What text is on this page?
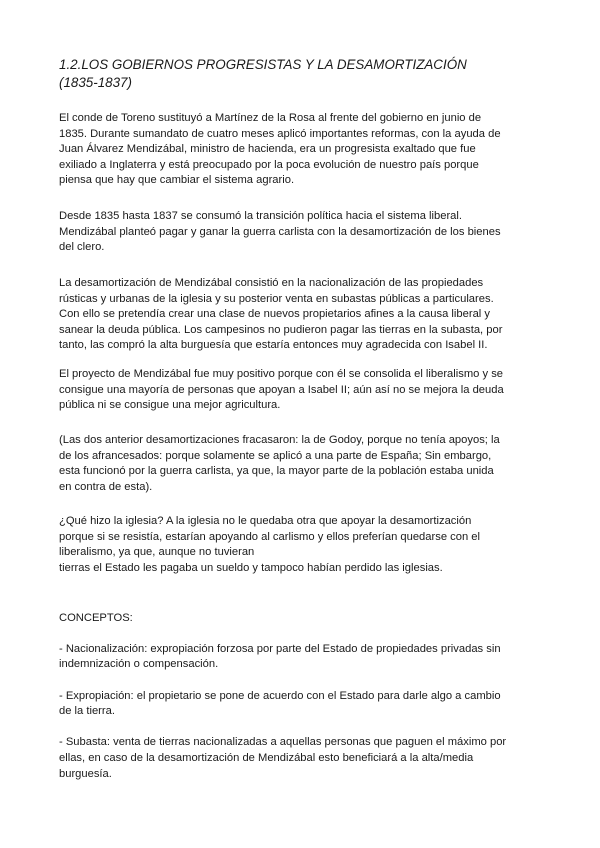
1.2.LOS GOBIERNOS PROGRESISTAS Y LA DESAMORTIZACIÓN
(1835-1837)

El conde de Toreno sustituyó a Martínez de la Rosa al frente del gobierno en junio de
1835. Durante sumandato de cuatro meses aplicó importantes reformas, con la ayuda de
Juan Álvarez Mendizábal, ministro de hacienda, era un progresista exaltado que fue
exiliado a Inglaterra y está preocupado por la poca evolución de nuestro país porque
piensa que hay que cambiar el sistema agrario.

Desde 1835 hasta 1837 se consumó la transición política hacia el sistema liberal.
Mendizábal planteó pagar y ganar la guerra carlista con la desamortización de los bienes
del clero.

La desamortización de Mendizábal consistió en la nacionalización de las propiedades
rústicas y urbanas de la iglesia y su posterior venta en subastas públicas a particulares.
Con ello se pretendía crear una clase de nuevos propietarios afines a la causa liberal y
sanear la deuda pública. Los campesinos no pudieron pagar las tierras en la subasta, por
tanto, las compró la alta burguesía que estaría entonces muy agradecida con Isabel II.

El proyecto de Mendizábal fue muy positivo porque con él se consolida el liberalismo y se
consigue una mayoría de personas que apoyan a Isabel II; aún así no se mejora la deuda
pública ni se consigue una mejor agricultura.

(Las dos anterior desamortizaciones fracasaron: la de Godoy, porque no tenía apoyos; la
de los afrancesados: porque solamente se aplicó a una parte de España; Sin embargo,
esta funcionó por la guerra carlista, ya que, la mayor parte de la población estaba unida
en contra de esta).

¿Qué hizo la iglesia? A la iglesia no le quedaba otra que apoyar la desamortización
porque si se resistía, estarían apoyando al carlismo y ellos preferían quedarse con el
liberalismo, ya que, aunque no tuvieran
tierras el Estado les pagaba un sueldo y tampoco habían perdido las iglesias.

CONCEPTOS:

- Nacionalización: expropiación forzosa por parte del Estado de propiedades privadas sin
indemnización o compensación.

- Expropiación: el propietario se pone de acuerdo con el Estado para darle algo a cambio
de la tierra.

- Subasta: venta de tierras nacionalizadas a aquellas personas que paguen el máximo por
ellas, en caso de la desamortización de Mendizábal esto beneficiará a la alta/media
burguesía.
